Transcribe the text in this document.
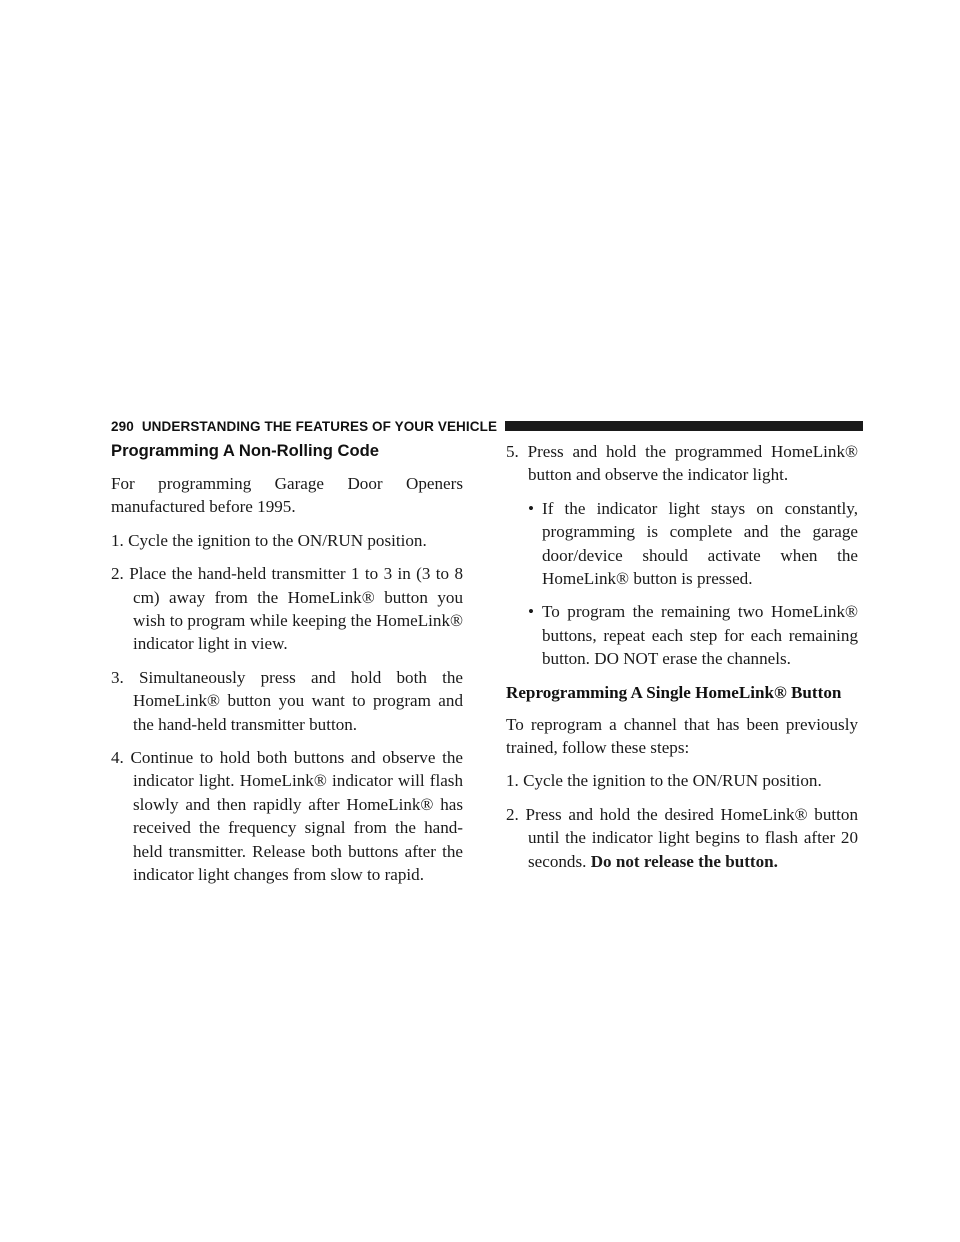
290 UNDERSTANDING THE FEATURES OF YOUR VEHICLE
Programming A Non-Rolling Code

For programming Garage Door Openers manufactured before 1995.

1. Cycle the ignition to the ON/RUN position.
2. Place the hand-held transmitter 1 to 3 in (3 to 8 cm) away from the HomeLink® button you wish to program while keeping the HomeLink® indicator light in view.
3. Simultaneously press and hold both the HomeLink® button you want to program and the hand-held transmitter button.
4. Continue to hold both buttons and observe the indicator light. HomeLink® indicator will flash slowly and then rapidly after HomeLink® has received the frequency signal from the hand-held transmitter. Release both buttons after the indicator light changes from slow to rapid.
5. Press and hold the programmed HomeLink® button and observe the indicator light.
• If the indicator light stays on constantly, programming is complete and the garage door/device should activate when the HomeLink® button is pressed.
• To program the remaining two HomeLink® buttons, repeat each step for each remaining button. DO NOT erase the channels.
Reprogramming A Single HomeLink® Button

To reprogram a channel that has been previously trained, follow these steps:

1. Cycle the ignition to the ON/RUN position.
2. Press and hold the desired HomeLink® button until the indicator light begins to flash after 20 seconds. Do not release the button.
